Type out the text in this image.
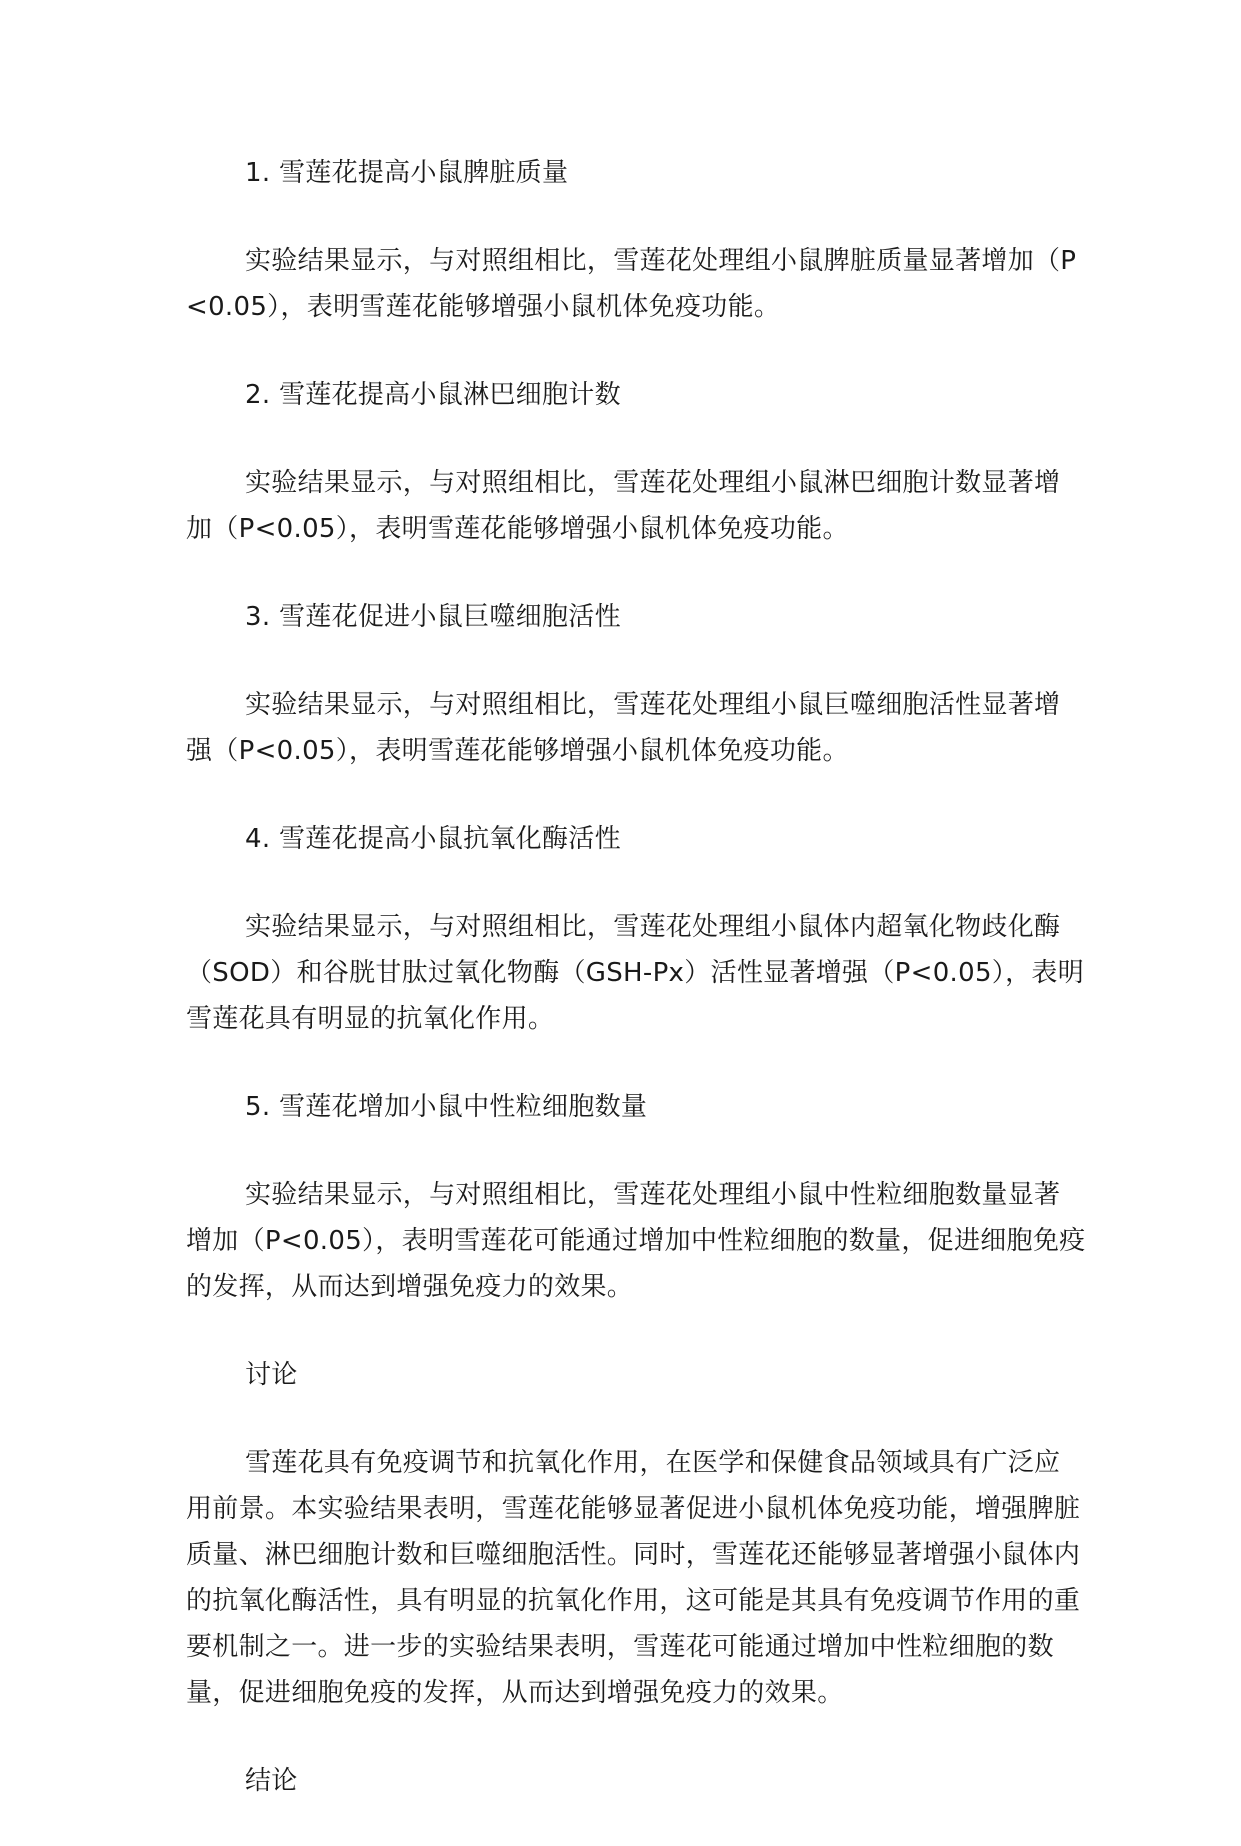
1. 雪莲花提高小鼠脾脏质量

实验结果显示，与对照组相比，雪莲花处理组小鼠脾脏质量显著增加（P<0.05），表明雪莲花能够增强小鼠机体免疫功能。

2. 雪莲花提高小鼠淋巴细胞计数

实验结果显示，与对照组相比，雪莲花处理组小鼠淋巴细胞计数显著增加（P<0.05），表明雪莲花能够增强小鼠机体免疫功能。

3. 雪莲花促进小鼠巨噬细胞活性

实验结果显示，与对照组相比，雪莲花处理组小鼠巨噬细胞活性显著增强（P<0.05），表明雪莲花能够增强小鼠机体免疫功能。

4. 雪莲花提高小鼠抗氧化酶活性

实验结果显示，与对照组相比，雪莲花处理组小鼠体内超氧化物歧化酶（SOD）和谷胱甘肽过氧化物酶（GSH-Px）活性显著增强（P<0.05），表明雪莲花具有明显的抗氧化作用。

5. 雪莲花增加小鼠中性粒细胞数量

实验结果显示，与对照组相比，雪莲花处理组小鼠中性粒细胞数量显著增加（P<0.05），表明雪莲花可能通过增加中性粒细胞的数量，促进细胞免疫的发挥，从而达到增强免疫力的效果。

讨论

雪莲花具有免疫调节和抗氧化作用，在医学和保健食品领域具有广泛应用前景。本实验结果表明，雪莲花能够显著促进小鼠机体免疫功能，增强脾脏质量、淋巴细胞计数和巨噬细胞活性。同时，雪莲花还能够显著增强小鼠体内的抗氧化酶活性，具有明显的抗氧化作用，这可能是其具有免疫调节作用的重要机制之一。进一步的实验结果表明，雪莲花可能通过增加中性粒细胞的数量，促进细胞免疫的发挥，从而达到增强免疫力的效果。

结论
